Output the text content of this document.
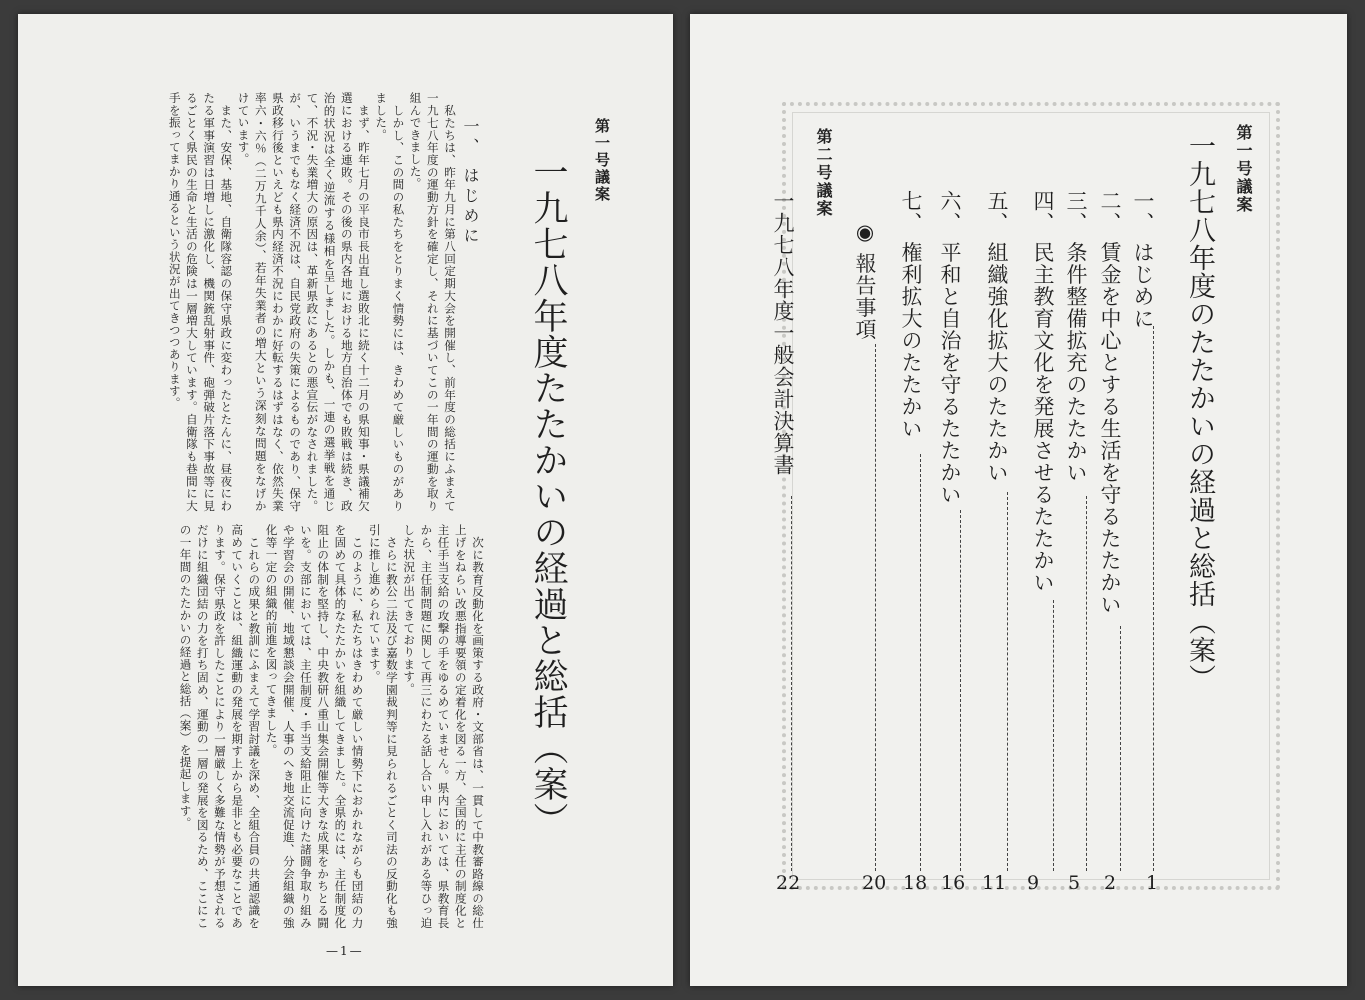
第一号議案
一九七八年度たたかいの経過と総括（案）
一、 はじめに

　私たちは、昨年九月に第八回定期大会を開催し、前年度の総括にふまえて一九七八年度の運動方針を確定し、それに基づいてこの一年間の運動を取り組んできました。

　しかし、この間の私たちをとりまく情勢には、きわめて厳しいものがありました。

　まず、昨年七月の平良市長出直し選敗北に続く十二月の県知事・県議補欠選における連敗。その後の県内各地における地方自治体でも敗戦は続き、政治的状況は全く逆流する様相を呈しました。しかも、一連の選挙戦を通じて、不況・失業増大の原因は、革新県政にあるとの悪宣伝がなされました。が、いうまでもなく経済不況は、自民党政府の失策によるものであり、保守県政移行後といえども県内経済不況にわかに好転するはずはなく、依然失業率六・六％（二万九千人余）、若年失業者の増大という深刻な問題をなげかけています。

　また、安保、基地、自衛隊容認の保守県政に変わったとたんに、昼夜にわたる軍事演習は日増しに激化し、機関銃乱射事件、砲弾破片落下事故等に見るごとく県民の生命と生活の危険は一層増大しています。自衛隊も巷間に大手を振ってまかり通るという状況が出てきつつあります。

　次に教育反動化を画策する政府・文部省は、一貫して中教審路線の総仕上げをねらい改悪指導要領の定着化を図る一方、全国的に主任の制度化と主任手当支給の攻撃の手をゆるめていません。県内においては、県教育長から、主任制問題に関して再三にわたる話し合い申し入れがある等ひっ迫した状況が出てきております。

　さらに教公二法及び嘉数学園裁判等に見られるごとく司法の反動化も強引に推し進められています。

　このように、私たちはきわめて厳しい情勢下におかれながらも団結の力を固めて具体的なたたかいを組織してきました。全県的には、主任制度化阻止の体制を堅持し、中央教研八重山集会開催等大きな成果をかちとる闘いを。支部においては、主任制度・手当支給阻止に向けた諸闘争取り組みや学習会の開催、地域懇談会開催、人事のへき地交流促進、分会組織の強化等一定の組織的前進を図ってきました。

　これらの成果と教訓にふまえて学習討議を深め、全組合員の共通認識を高めていくことは、組織運動の発展を期す上から是非とも必要なことであります。保守県政を許したことにより一層厳しく多難な情勢が予想されるだけに組織団結の力を打ち固め、運動の一層の発展を図るため、ここにこの一年間のたたかいの経過と総括（案）を提起します。

—1—
第一号議案
一九七八年度のたたかいの経過と総括（案）
一、 はじめに
1
二、 賃金を中心とする生活を守るたたかい
2
三、 条件整備拡充のたたかい
5
四、 民主教育文化を発展させるたたかい
9
五、 組織強化拡大のたたかい
11
六、 平和と自治を守るたたかい
16
七、 権利拡大のたたかい
18
◉ 報告事項
20
第二号議案
一九七八年度一般会計決算書
22
